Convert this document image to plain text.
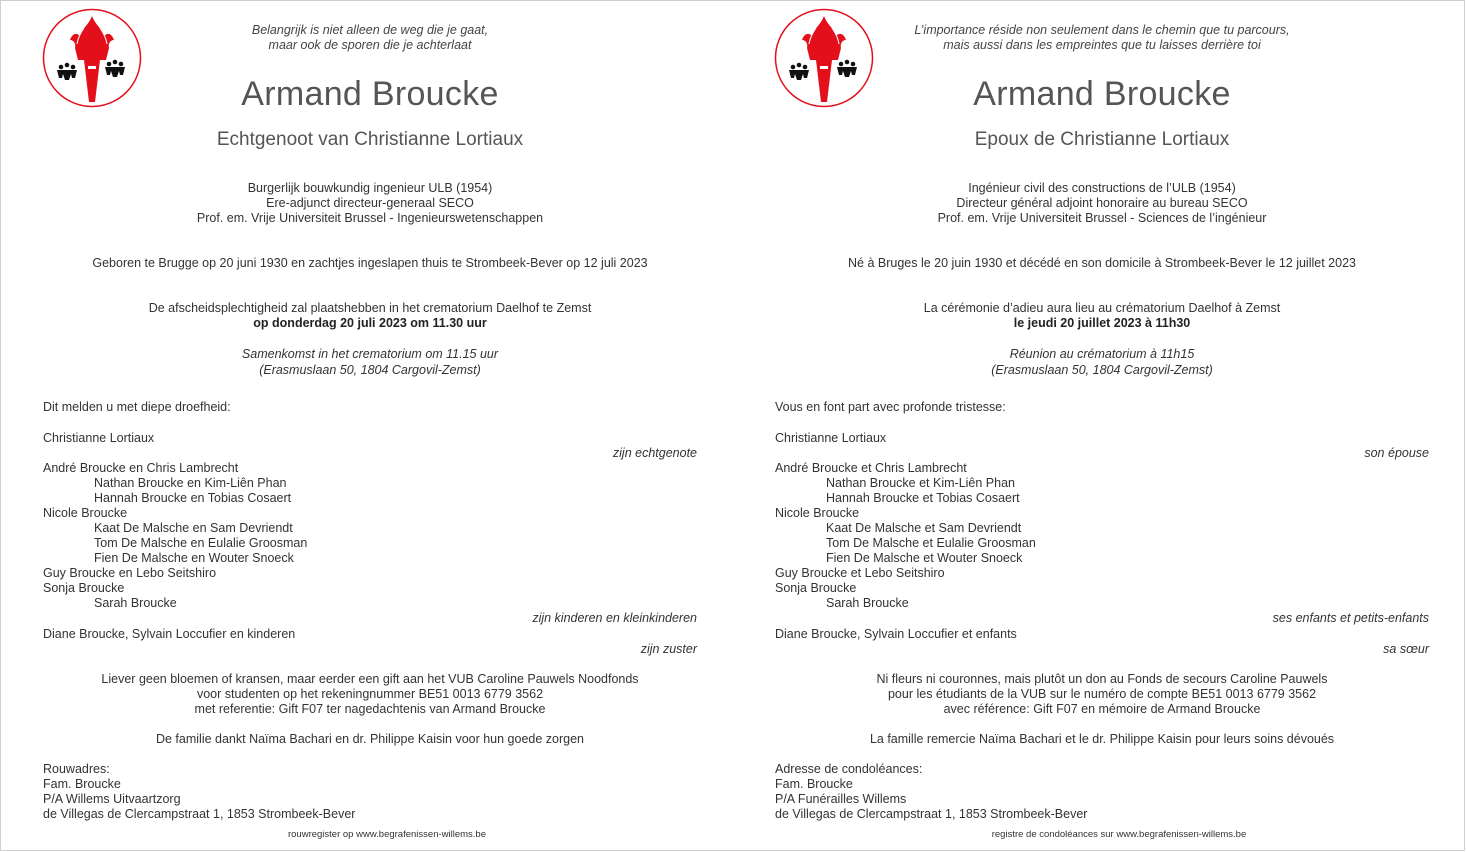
Belangrijk is niet alleen de weg die je gaat,
maar ook de sporen die je achterlaat
Armand Broucke
Echtgenoot van Christianne Lortiaux
Burgerlijk bouwkundig ingenieur ULB (1954)
Ere-adjunct directeur-generaal SECO
Prof. em. Vrije Universiteit Brussel - Ingenieurswetenschappen
Geboren te Brugge op 20 juni 1930 en zachtjes ingeslapen thuis te Strombeek-Bever op 12 juli 2023
De afscheidsplechtigheid zal plaatshebben in het crematorium Daelhof te Zemst
op donderdag 20 juli 2023 om 11.30 uur
Samenkomst in het crematorium om 11.15 uur
(Erasmuslaan 50, 1804 Cargovil-Zemst)
Dit melden u met diepe droefheid:
Christianne Lortiaux
zijn echtgenote
André Broucke en Chris Lambrecht
Nathan Broucke en Kim-Liên Phan
Hannah Broucke en Tobias Cosaert
Nicole Broucke
Kaat De Malsche en Sam Devriendt
Tom De Malsche en Eulalie Groosman
Fien De Malsche en Wouter Snoeck
Guy Broucke en Lebo Seitshiro
Sonja Broucke
Sarah Broucke
zijn kinderen en kleinkinderen
Diane Broucke, Sylvain Loccufier en kinderen
zijn zuster
Liever geen bloemen of kransen, maar eerder een gift aan het VUB Caroline Pauwels Noodfonds
voor studenten op het rekeningnummer BE51 0013 6779 3562
met referentie: Gift F07 ter nagedachtenis van Armand Broucke
De familie dankt Naïma Bachari en dr. Philippe Kaisin voor hun goede zorgen
Rouwadres:
Fam. Broucke
P/A Willems Uitvaartzorg
de Villegas de Clercampstraat 1, 1853 Strombeek-Bever
rouwregister op www.begrafenissen-willems.be
L’importance réside non seulement dans le chemin que tu parcours,
mais aussi dans les empreintes que tu laisses derrière toi
Armand Broucke
Epoux de Christianne Lortiaux
Ingénieur civil des constructions de l’ULB (1954)
Directeur général adjoint honoraire au bureau SECO
Prof. em. Vrije Universiteit Brussel - Sciences de l’ingénieur
Né à Bruges le 20 juin 1930 et décédé en son domicile à Strombeek-Bever le 12 juillet 2023
La cérémonie d’adieu aura lieu au crématorium Daelhof à Zemst
le jeudi 20 juillet 2023 à 11h30
Réunion au crématorium à 11h15
(Erasmuslaan 50, 1804 Cargovil-Zemst)
Vous en font part avec profonde tristesse:
Christianne Lortiaux
son épouse
André Broucke et Chris Lambrecht
Nathan Broucke et Kim-Liên Phan
Hannah Broucke et Tobias Cosaert
Nicole Broucke
Kaat De Malsche et Sam Devriendt
Tom De Malsche et Eulalie Groosman
Fien De Malsche et Wouter Snoeck
Guy Broucke et Lebo Seitshiro
Sonja Broucke
Sarah Broucke
ses enfants et petits-enfants
Diane Broucke, Sylvain Loccufier et enfants
sa sœur
Ni fleurs ni couronnes, mais plutôt un don au Fonds de secours Caroline Pauwels
pour les étudiants de la VUB sur le numéro de compte BE51 0013 6779 3562
avec référence: Gift F07 en mémoire de Armand Broucke
La famille remercie Naïma Bachari et le dr. Philippe Kaisin pour leurs soins dévoués
Adresse de condoléances:
Fam. Broucke
P/A Funérailles Willems
de Villegas de Clercampstraat 1, 1853 Strombeek-Bever
registre de condoléances sur www.begrafenissen-willems.be
